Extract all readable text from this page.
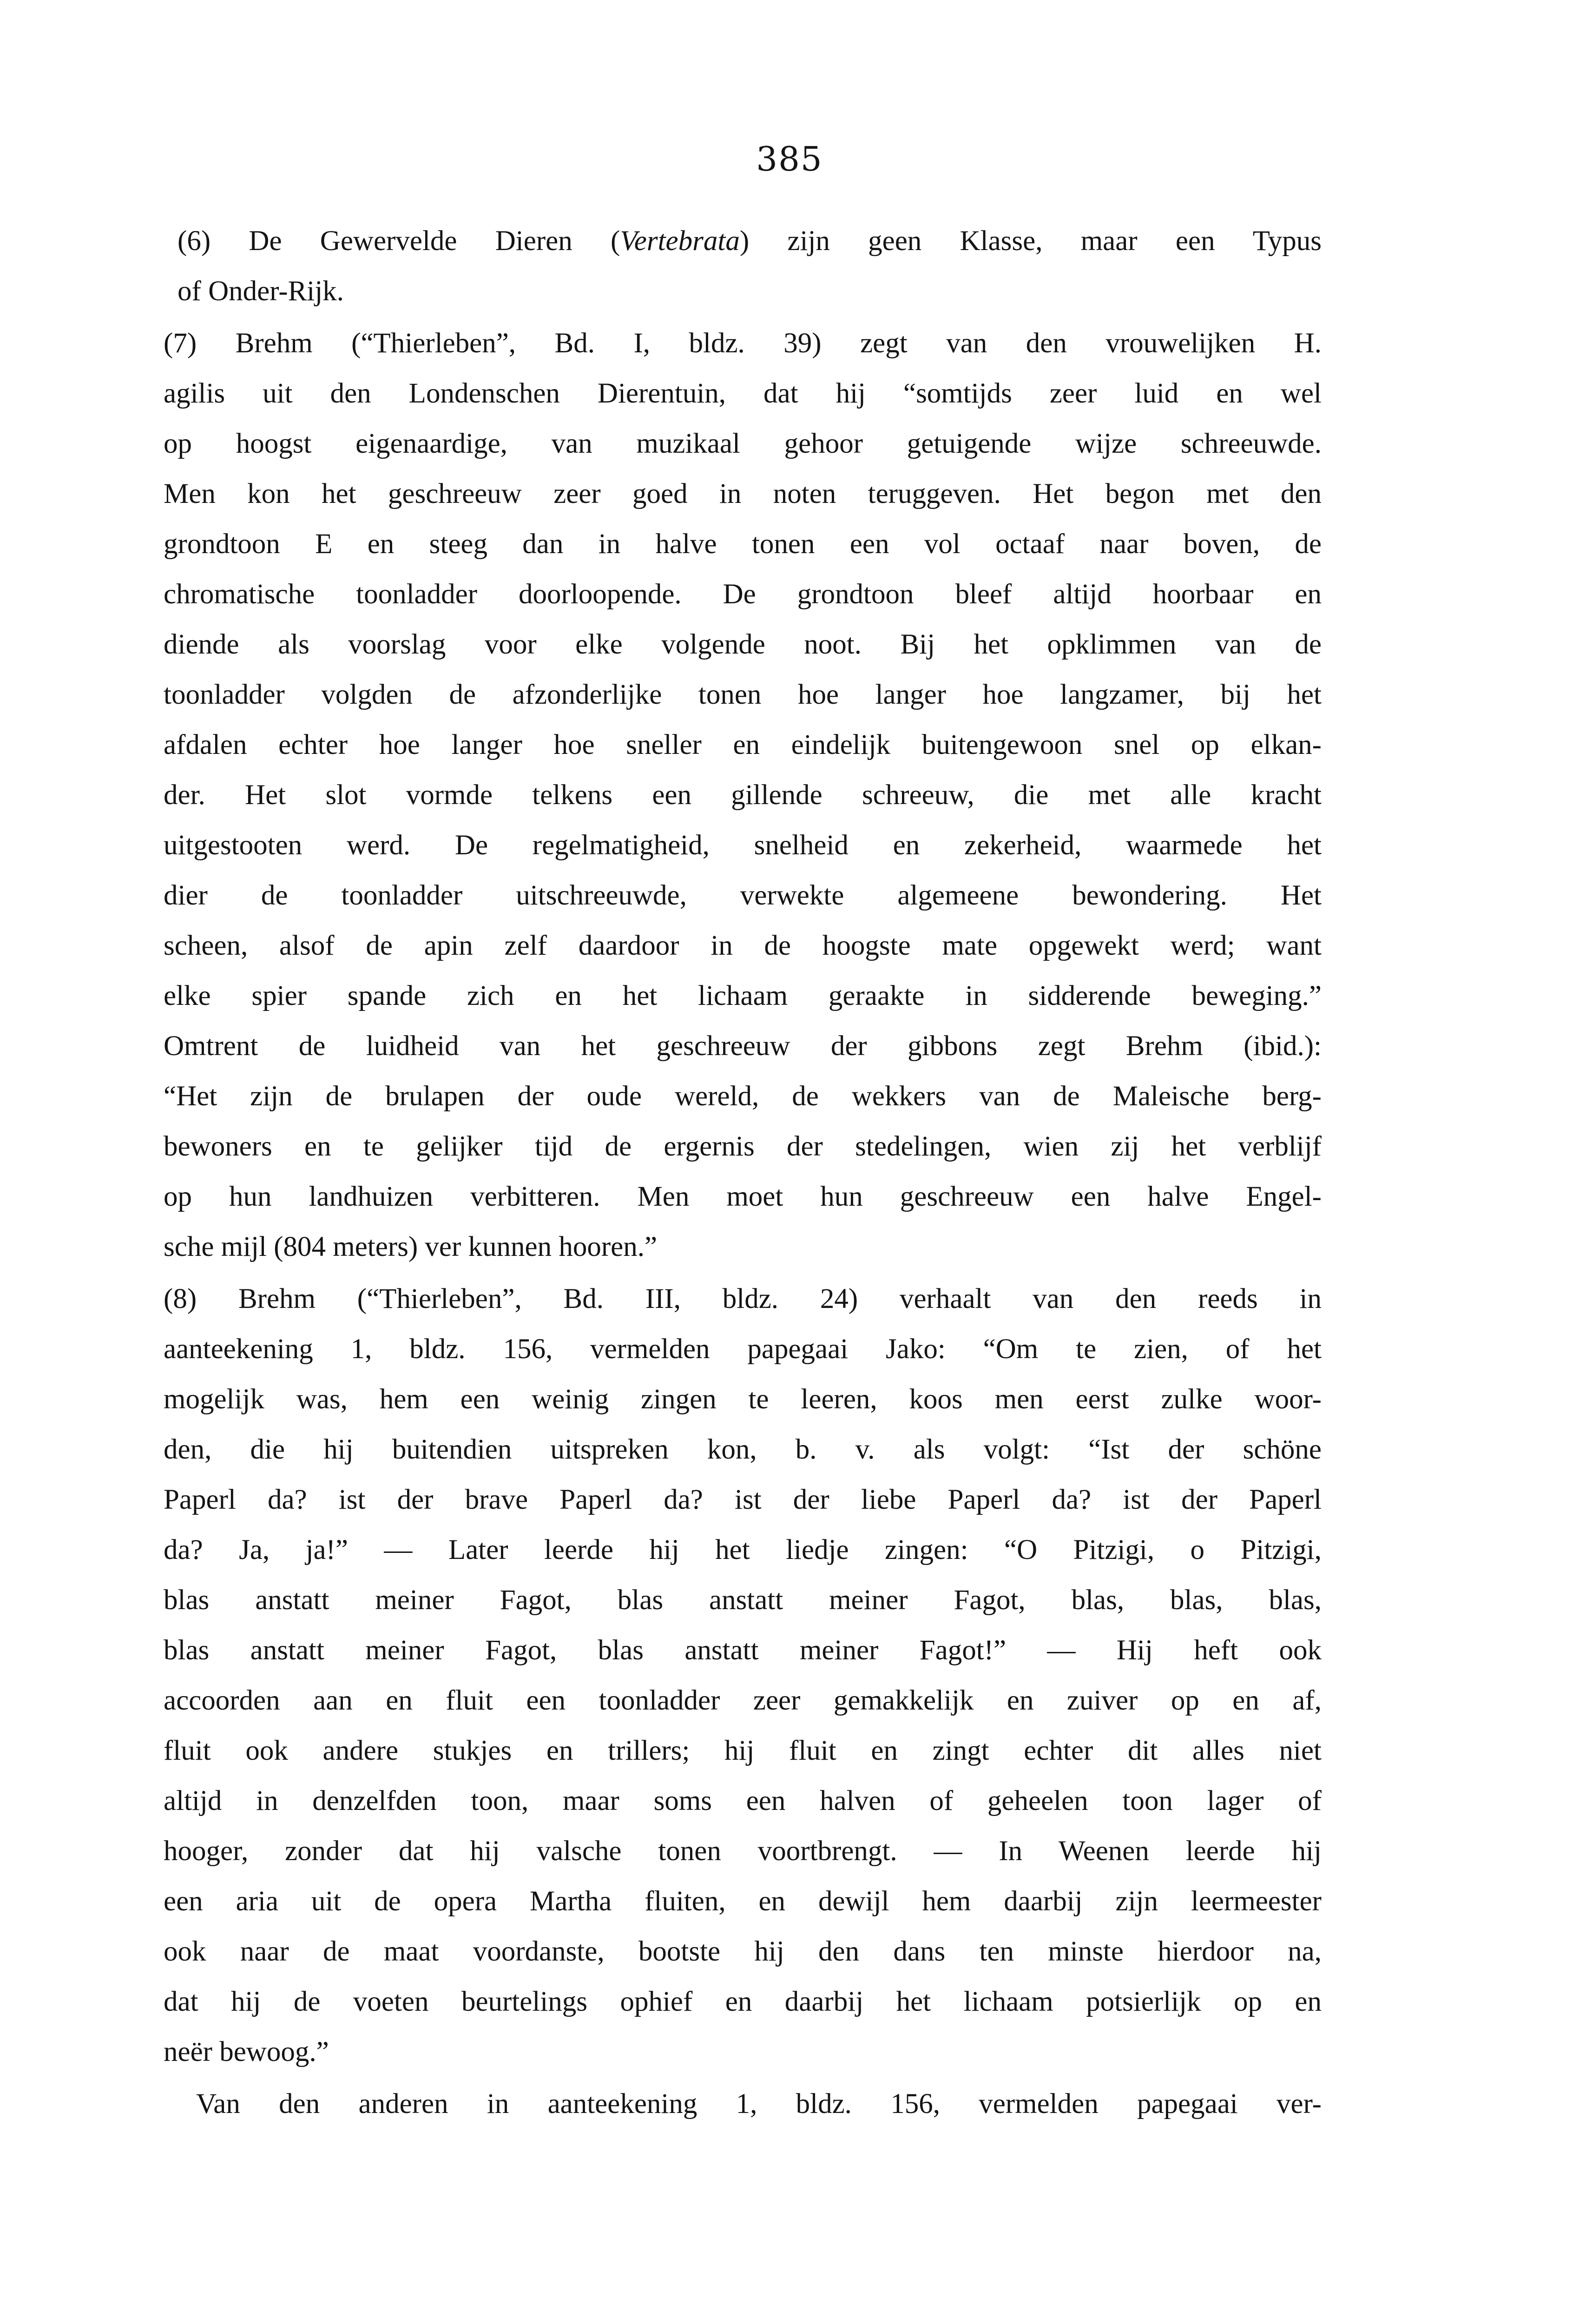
385

(6) De Gewervelde Dieren (Vertebrata) zijn geen Klasse, maar een Typus
of Onder-Rijk.

(7) Brehm (“Thierleben”, Bd. I, bldz. 39) zegt van den vrouwelijken H.
agilis uit den Londenschen Dierentuin, dat hij “somtijds zeer luid en wel
op hoogst eigenaardige, van muzikaal gehoor getuigende wijze schreeuwde.
Men kon het geschreeuw zeer goed in noten teruggeven. Het begon met den
grondtoon E en steeg dan in halve tonen een vol octaaf naar boven, de
chromatische toonladder doorloopende. De grondtoon bleef altijd hoorbaar en
diende als voorslag voor elke volgende noot. Bij het opklimmen van de
toonladder volgden de afzonderlijke tonen hoe langer hoe langzamer, bij het
afdalen echter hoe langer hoe sneller en eindelijk buitengewoon snel op elkan-
der. Het slot vormde telkens een gillende schreeuw, die met alle kracht
uitgestooten werd. De regelmatigheid, snelheid en zekerheid, waarmede het
dier de toonladder uitschreeuwde, verwekte algemeene bewondering. Het
scheen, alsof de apin zelf daardoor in de hoogste mate opgewekt werd; want
elke spier spande zich en het lichaam geraakte in sidderende beweging.”
Omtrent de luidheid van het geschreeuw der gibbons zegt Brehm (ibid.):
“Het zijn de brulapen der oude wereld, de wekkers van de Maleische berg-
bewoners en te gelijker tijd de ergernis der stedelingen, wien zij het verblijf
op hun landhuizen verbitteren. Men moet hun geschreeuw een halve Engel-
sche mijl (804 meters) ver kunnen hooren.”

(8) Brehm (“Thierleben”, Bd. III, bldz. 24) verhaalt van den reeds in
aanteekening 1, bldz. 156, vermelden papegaai Jako: “Om te zien, of het
mogelijk was, hem een weinig zingen te leeren, koos men eerst zulke woor-
den, die hij buitendien uitspreken kon, b. v. als volgt: “Ist der schöne
Paperl da? ist der brave Paperl da? ist der liebe Paperl da? ist der Paperl
da? Ja, ja!” — Later leerde hij het liedje zingen: “O Pitzigi, o Pitzigi,
blas anstatt meiner Fagot, blas anstatt meiner Fagot, blas, blas, blas,
blas anstatt meiner Fagot, blas anstatt meiner Fagot!” — Hij heft ook
accoorden aan en fluit een toonladder zeer gemakkelijk en zuiver op en af,
fluit ook andere stukjes en trillers; hij fluit en zingt echter dit alles niet
altijd in denzelfden toon, maar soms een halven of geheelen toon lager of
hooger, zonder dat hij valsche tonen voortbrengt. — In Weenen leerde hij
een aria uit de opera Martha fluiten, en dewijl hem daarbij zijn leermeester
ook naar de maat voordanste, bootste hij den dans ten minste hierdoor na,
dat hij de voeten beurtelings ophief en daarbij het lichaam potsierlijk op en
neër bewoog.”

Van den anderen in aanteekening 1, bldz. 156, vermelden papegaai ver-
